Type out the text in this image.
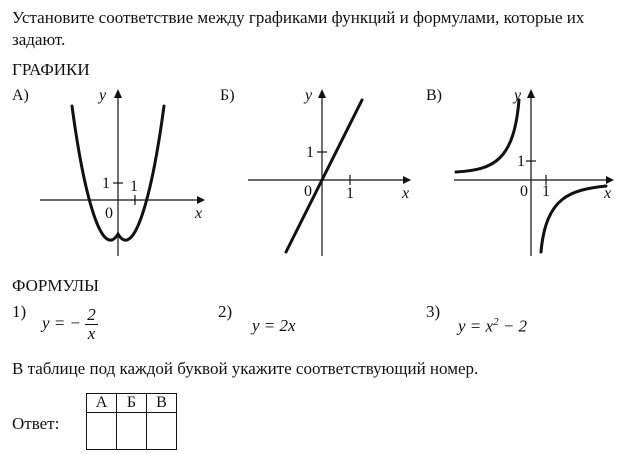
Установите соответствие между графиками функций и формулами, которые их задают.
ГРАФИКИ
А)	y
x
0
1 1
Б)	y
x
0
1
1
В)	y
x
0
1
1
ФОРМУЛЫ
1)
y = − $\frac{2}{x}$	2)
y = 2x
3)
$y = x^2 - 2$
В таблице под каждой буквой укажите соответствующий номер.
Ответ:
А	Б	В
